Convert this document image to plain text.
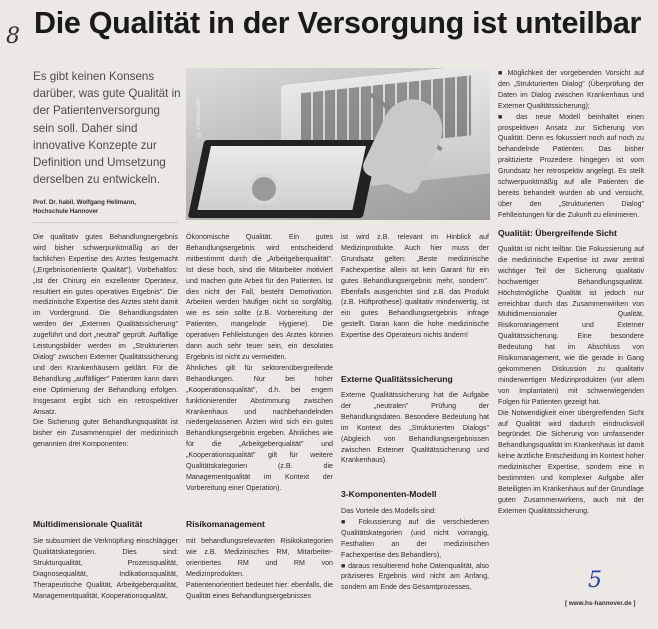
8 Die Qualität in der Versorgung ist unteilbar
Es gibt keinen Konsens darüber, was gute Qualität in der Patientenversorgung sein soll. Daher sind innovative Konzepte zur Definition und Umsetzung derselben zu entwickeln.
Prof. Dr. habil. Wolfgang Hellmann,
Hochschule Hannover
© Fotolia.com

Die qualitativ gutes Behandlungsergebnis wird bisher schwerpunktmäßig an der fachlichen Expertise des Arztes festgemacht („Ergebnisorientierte Qualität"). Vorbehaltlos: „Ist der Chirurg ein exzellenter Operateur, resultiert ein gutes operatives Ergebnis". Die medizinische Expertise des Arztes steht damit im Vordergrund. Die Behandlungsdaten werden der „Externen Qualitätssicherung" zugeführt und dort „neutral" geprüft. Auffällige Leistungsbilder werden im „Strukturierten Dialog" zwischen Externer Qualitätssicherung und den Krankenhäusern geklärt. Für die Behandlung „auffälliger" Patienten kann dann eine Optimierung der Behandlung erfolgen. Insgesamt ergibt sich ein retrospektiver Ansatz.

Die Sicherung guter Behandlungsqualität ist bisher ein Zusammenspiel der medizinisch genannten drei Komponenten:

Multidimensionale Qualität

Sie subsumiert die Verknüpfung einschlägiger Qualitätskategorien. Dies sind: Strukturqualität, Prozessqualität, Diagnosequalität, Indikationsqualität, Therapeutische Qualität, Arbeitgeberqualität, Managementqualität, Kooperationsqualität,

Ökonomische Qualität. Ein gutes Behandlungsergebnis wird entscheidend mitbestimmt durch die „Arbeitgeberqualität". Ist diese hoch, sind die Mitarbeiter motiviert und machen gute Arbeit für den Patienten. Ist dies nicht der Fall, besteht Demotivation. Arbeiten werden häufiger nicht so sorgfältig, wie es sein sollte (z.B. Vorbereitung der Patienten, mangelnde Hygiene). Die operativen Fehlleistungen des Arztes können dann auch sehr teuer sein, ein desolates Ergebnis ist nicht zu vermeiden.

Ähnliches gilt für sektorenübergreifende Behandlungen. Nur bei hoher „Kooperationsqualität", d.h. bei engem funktionierender Abstimmung zwischen Krankenhaus und nachbehandelnden niedergelassenen Ärzten wird sich ein gutes Behandlungsergebnis ergeben. Ähnliches wie für die „Arbeitgeberqualität" und „Kooperationsqualität" gilt für weitere Qualitätskategorien (z.B. die Managementqualität im Kontext der Vorbereitung einer Operation).

Risikomanagement

mit behandlungsrelevanten Risikokategorien wie z.B. Medizinisches RM, Mitarbeiter-orientiertes RM und RM von Medizinprodukten.

Patientenorientiert bedeutet hier: ebenfalls, die Qualität eines Behandlungsergebnisses

ist wird z.B. relevant im Hinblick auf Medizinprodukte. Auch hier muss der Grundsatz gelten: „Beste medizinische Fachexpertise allein ist kein Garant für ein gutes Behandlungsergebnis mehr, sondern". Ebenfalls ausgerichtet sind z.B. das Produkt (z.B. Hüftprothese) qualitativ minderwertig, ist ein gutes Behandlungsergebnis infrage gestellt. Daran kann die hohe medizinische Expertise des Operateurs nichts ändern!

Externe Qualitätssicherung

Externe Qualitätssicherung hat die Aufgabe der „neutralen" Prüfung der Behandlungsdaten. Besondere Bedeutung hat im Kontext des „Strukturierten Dialogs" (Abgleich von Behandlungsergebnissen zwischen Externer Qualitätssicherung und Krankenhaus).

3-Komponenten-Modell

Das Vorteile des Modells sind:

■ Fokussierung auf die verschiedenen Qualitätskategorien (und nicht vorrangig, Festhalten an der medizinischen Fachexpertise des Behandlers),

■ daraus resultierend hohe Datenqualität, also präziseres Ergebnis wird nicht am Anfang, sondern am Ende des Gesamtprozesses,

■ Möglichkeit der vorgebenden Vorsicht auf den „Strukturierten Dialog" (Überprüfung der Daten im Dialog zwischen Krankenhaus und Externer Qualitätssicherung);

■ das neue Modell beinhaltet einen prospektiven Ansatz zur Sicherung von Qualität. Denn es fokussiert noch auf noch zu behandelnde Patienten. Das bisher praktizierte Prozedere hingegen ist vom Grundsatz her retrospektiv angelegt. Es stellt schwerpunktmäßig auf alle Patienten die bereits behandelt wurden ab und versucht, über den „Strukturierten Dialog" Fehlleistungen für die Zukunft zu eliminieren.

Qualität: Übergreifende Sicht

Qualität ist nicht teilbar. Die Fokussierung auf die medizinische Expertise ist zwar zentral wichtiger Teil der Sicherung qualitativ hochwertiger Behandlungsqualität. Höchstmögliche Qualität ist jedoch nur erreichbar durch das Zusammenwirken von Multidimensionaler Qualität, Risikomanagement und Externer Qualitätssicherung. Eine besondere Bedeutung hat im Abschluss von Risikomanagement, wie die gerade in Gang gekommenen Diskussion zu qualitativ minderwertigen Medizinprodukten (vor allem von Implantaten) mit schwerwiegenden Folgen für Patienten gezeigt hat.

Die Notwendigkeit einer übergreifenden Sicht auf Qualität wird dadurch eindrucksvoll begründet. Die Sicherung von umfassender Behandlungsqualität im Krankenhaus ist damit keine ärztliche Entscheidung im Kontext hoher medizinischer Expertise, sondern eine in bestimmten und komplexer Aufgabe aller Beteiligten im Krankenhaus auf der Grundlage guten Zusammenwirkens, auch mit der Externen Qualitätssicherung.

5
[ www.hs-hannover.de ]
